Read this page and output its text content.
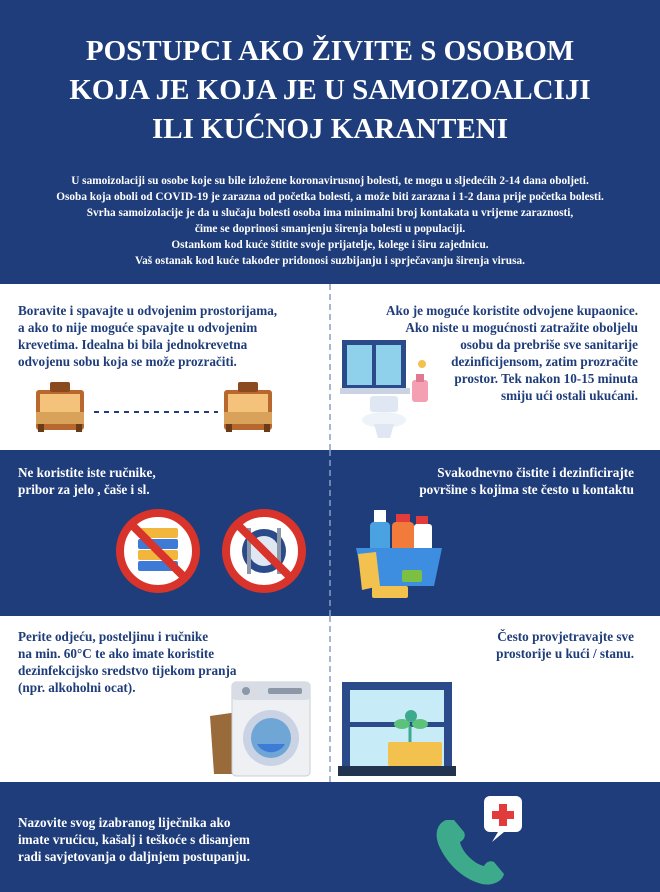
POSTUPCI AKO ŽIVITE S OSOBOM
KOJA JE KOJA JE U SAMOIZOALCIJI
ILI KUĆNOJ KARANTENI
U samoizolaciji su osobe koje su bile izložene koronavirusnoj bolesti, te mogu u sljedećih 2-14 dana oboljeti.
Osoba koja oboli od COVID-19 je zarazna od početka bolesti, a može biti zarazna i 1-2 dana prije početka bolesti.
Svrha samoizolacije je da u slučaju bolesti osoba ima minimalni broj kontakata u vrijeme zaraznosti,
čime se doprinosi smanjenju širenja bolesti u populaciji.
Ostankom kod kuće štitite svoje prijatelje, kolege i širu zajednicu.
Vaš ostanak kod kuće također pridonosi suzbijanju i sprječavanju širenja virusa.
Boravite i spavajte u odvojenim prostorijama,
a ako to nije moguće spavajte u odvojenim
krevetima. Idealna bi bila jednokrevetna
odvojenu sobu koja se može prozračiti.
Ako je moguće koristite odvojene kupaonice.
Ako niste u mogućnosti zatražite oboljelu
osobu da prebriše sve sanitarije
dezinficijensom, zatim prozračite
prostor. Tek nakon 10-15 minuta
smiju ući ostali ukućani.
Ne koristite iste ručnike,
pribor za jelo , čaše i sl.
Svakodnevno čistite i dezinficirajte
površine s kojima ste često u kontaktu
Perite odjeću, posteljinu i ručnike
na min. 60°C te ako imate koristite
dezinfekcijsko sredstvo tijekom pranja
(npr. alkoholni ocat).
Često provjetravajte sve
prostorije u kući / stanu.
Nazovite svog izabranog liječnika ako
imate vrućicu, kašalj i teškoće s disanjem
radi savjetovanja o daljnjem postupanju.
